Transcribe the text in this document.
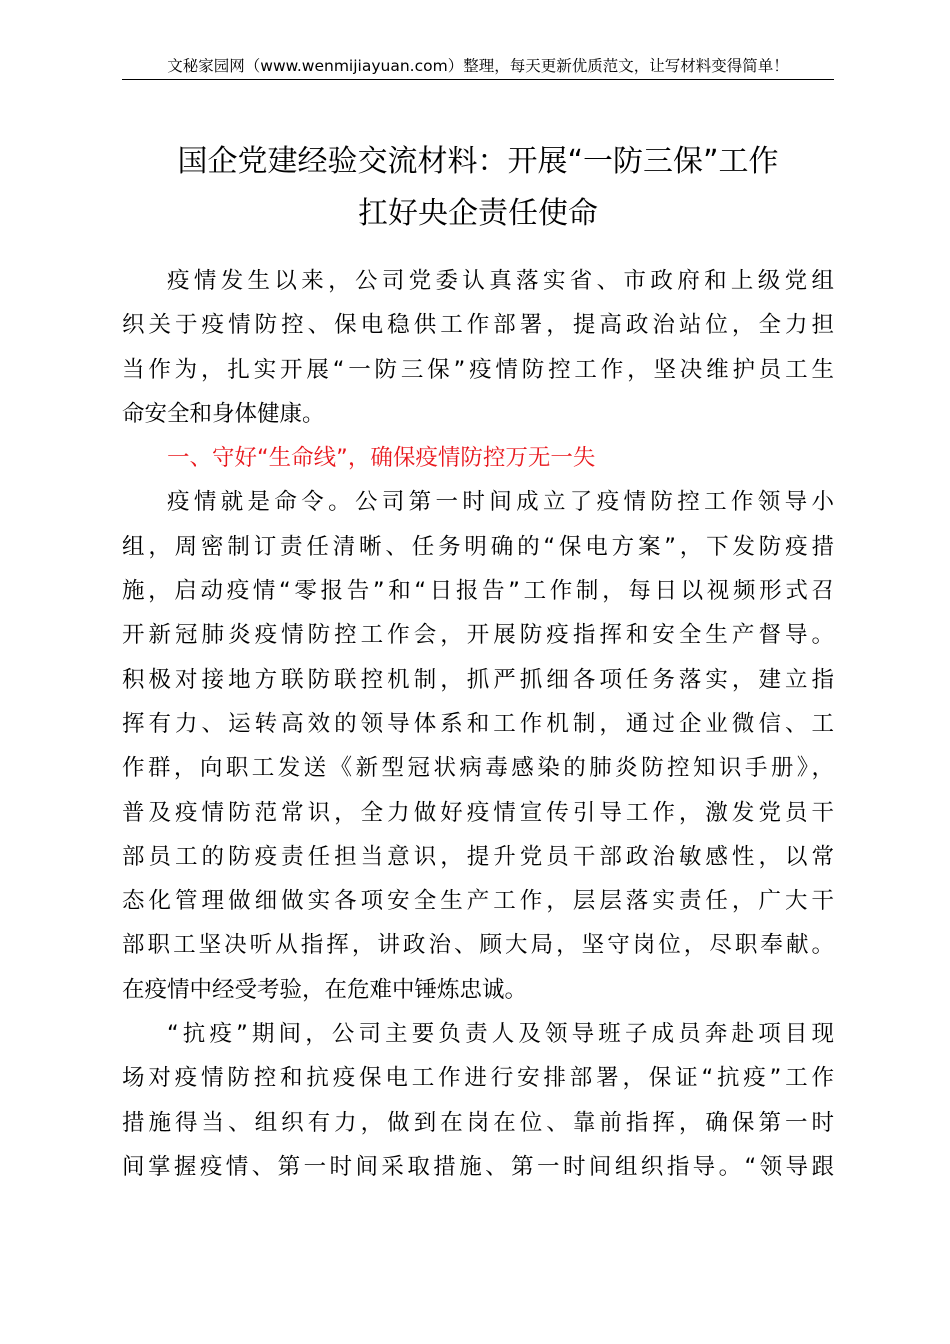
文秘家园网（www.wenmijiayuan.com）整理，每天更新优质范文，让写材料变得简单！
国企党建经验交流材料：开展“一防三保”工作
扛好央企责任使命
疫情发生以来，公司党委认真落实省、市政府和上级党组
织关于疫情防控、保电稳供工作部署，提高政治站位，全力担
当作为，扎实开展“一防三保”疫情防控工作，坚决维护员工生
命安全和身体健康。
一、守好“生命线”，确保疫情防控万无一失
疫情就是命令。公司第一时间成立了疫情防控工作领导小
组，周密制订责任清晰、任务明确的“保电方案”，下发防疫措
施，启动疫情“零报告”和“日报告”工作制，每日以视频形式召
开新冠肺炎疫情防控工作会，开展防疫指挥和安全生产督导。
积极对接地方联防联控机制，抓严抓细各项任务落实，建立指
挥有力、运转高效的领导体系和工作机制，通过企业微信、工
作群，向职工发送《新型冠状病毒感染的肺炎防控知识手册》，
普及疫情防范常识，全力做好疫情宣传引导工作，激发党员干
部员工的防疫责任担当意识，提升党员干部政治敏感性，以常
态化管理做细做实各项安全生产工作，层层落实责任，广大干
部职工坚决听从指挥，讲政治、顾大局，坚守岗位，尽职奉献。
在疫情中经受考验，在危难中锤炼忠诚。
“抗疫”期间，公司主要负责人及领导班子成员奔赴项目现
场对疫情防控和抗疫保电工作进行安排部署，保证“抗疫”工作
措施得当、组织有力，做到在岗在位、靠前指挥，确保第一时
间掌握疫情、第一时间采取措施、第一时间组织指导。“领导跟
